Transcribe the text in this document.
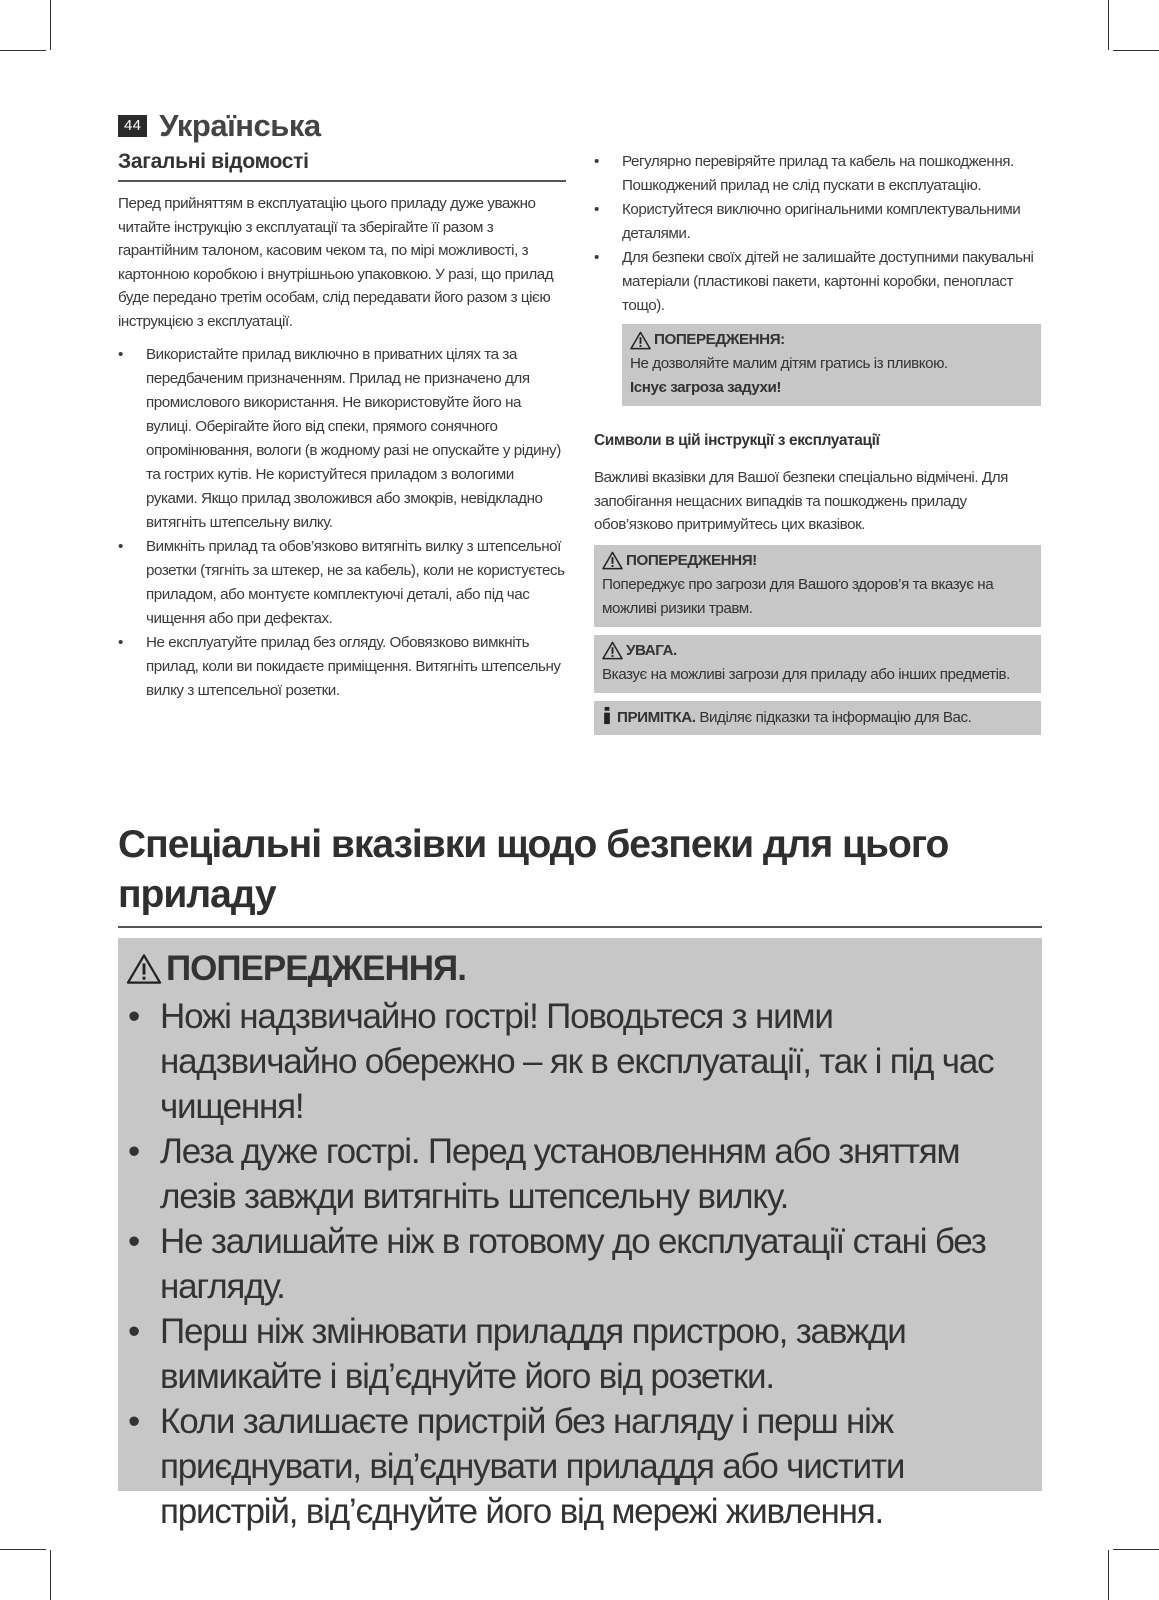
44 Українська
Загальні відомості

Перед прийняттям в експлуатацію цього приладу дуже уважно читайте інструкцію з експлуатації та зберігайте її разом з гарантійним талоном, касовим чеком та, по мірі можливості, з картонною коробкою і внутрішньою упаковкою. У разі, що прилад буде передано третім особам, слід передавати його разом з цією інструкцією з експлуатації.

• Використайте прилад виключно в приватних цілях та за передбаченим призначенням. Прилад не призначено для промислового використання. Не використовуйте його на вулиці. Оберігайте його від спеки, прямого сонячного опромінювання, вологи (в жодному разі не опускайте у рідину) та гострих кутів. Не користуйтеся приладом з вологими руками. Якщо прилад зволожився або змокрів, невідкладно витягніть штепсельну вилку.
• Вимкніть прилад та обов’язково витягніть вилку з штепсельної розетки (тягніть за штекер, не за кабель), коли не користуєтесь приладом, або монтуєте комплектуючі деталі, або під час чищення або при дефектах.
• Не експлуатуйте прилад без огляду. Обовязково вимкніть прилад, коли ви покидаєте приміщення. Витягніть штепсельну вилку з штепсельної розетки.
• Регулярно перевіряйте прилад та кабель на пошкодження. Пошкоджений прилад не слід пускати в експлуатацію.
• Користуйтеся виключно оригінальними комплектувальними деталями.
• Для безпеки своїх дітей не залишайте доступними пакувальні матеріали (пластикові пакети, картонні коробки, пенопласт тощо).
ПОПЕРЕДЖЕННЯ:
Не дозволяйте малим дітям гратись із пливкою.
Існує загроза задухи!
Символи в цій інструкції з експлуатації

Важливі вказівки для Вашої безпеки спеціально відмічені. Для запобігання нещасних випадків та пошкоджень приладу обов’язково притримуйтесь цих вказівок.

ПОПЕРЕДЖЕННЯ!
Попереджує про загрози для Вашого здоров’я та вказує на можливі ризики травм.
УВАГА.
Вказує на можливі загрози для приладу або інших предметів.
ПРИМІТКА. Виділяє підказки та інформацію для Вас.
Спеціальні вказівки щодо безпеки для цього приладу
ПОПЕРЕДЖЕННЯ.
• Ножі надзвичайно гострі! Поводьтеся з ними надзвичайно обережно – як в експлуатації, так і під час чищення!
• Леза дуже гострі. Перед установленням або зняттям лезів завжди витягніть штепсельну вилку.
• Не залишайте ніж в готовому до експлуатації стані без нагляду.
• Перш ніж змінювати приладдя пристрою, завжди вимикайте і від’єднуйте його від розетки.
• Коли залишаєте пристрій без нагляду і перш ніж приєднувати, від’єднувати приладдя або чистити пристрій, від’єднуйте його від мережі живлення.
